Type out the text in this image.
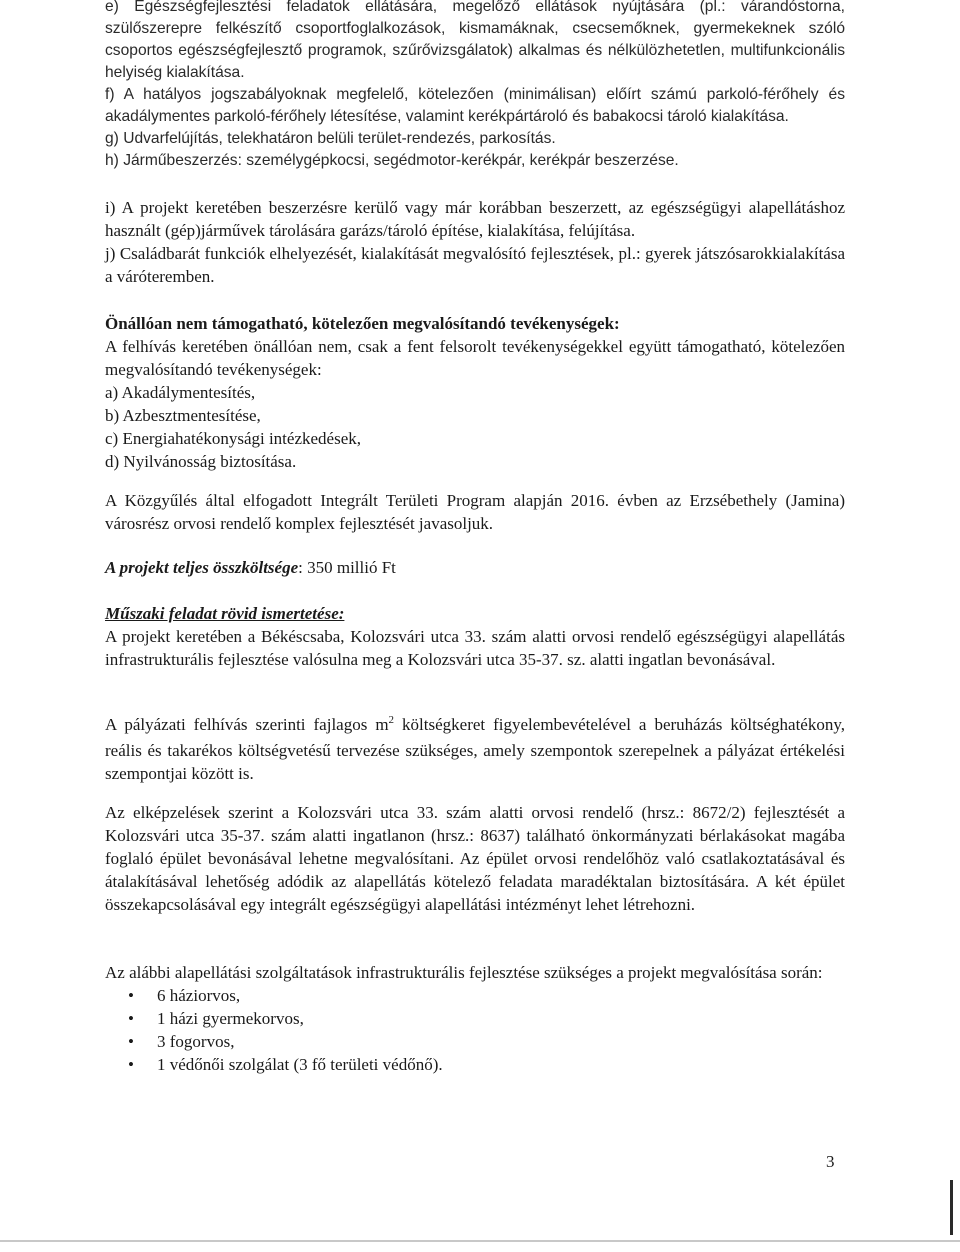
e) Egészségfejlesztési feladatok ellátására, megelőző ellátások nyújtására (pl.: várandóstorna, szülőszerepre felkészítő csoportfoglalkozások, kismamáknak, csecsemőknek, gyermekeknek szóló csoportos egészségfejlesztő programok, szűrővizsgálatok) alkalmas és nélkülözhetetlen, multifunkcionális helyiség kialakítása.

f) A hatályos jogszabályoknak megfelelő, kötelezően (minimálisan) előírt számú parkoló-férőhely és akadálymentes parkoló-férőhely létesítése, valamint kerékpártároló és babakocsi tároló kialakítása.

g) Udvarfelújítás, telekhatáron belüli terület-rendezés, parkosítás.

h) Járműbeszerzés: személygépkocsi, segédmotor-kerékpár, kerékpár beszerzése.

i) A projekt keretében beszerzésre kerülő vagy már korábban beszerzett, az egészségügyi alapellátáshoz használt (gép)járművek tárolására garázs/tároló építése, kialakítása, felújítása.

j) Családbarát funkciók elhelyezését, kialakítását megvalósító fejlesztések, pl.: gyerek játszósarokkialakítása a váróteremben.

Önállóan nem támogatható, kötelezően megvalósítandó tevékenységek:

A felhívás keretében önállóan nem, csak a fent felsorolt tevékenységekkel együtt támogatható, kötelezően megvalósítandó tevékenységek:

a) Akadálymentesítés,

b) Azbesztmentesítése,

c) Energiahatékonysági intézkedések,

d) Nyilvánosság biztosítása.

A Közgyűlés által elfogadott Integrált Területi Program alapján 2016. évben az Erzsébethely (Jamina) városrész orvosi rendelő komplex fejlesztését javasoljuk.

A projekt teljes összköltsége: 350 millió Ft

Műszaki feladat rövid ismertetése:

A projekt keretében a Békéscsaba, Kolozsvári utca 33. szám alatti orvosi rendelő egészségügyi alapellátás infrastrukturális fejlesztése valósulna meg a Kolozsvári utca 35-37. sz. alatti ingatlan bevonásával.

A pályázati felhívás szerinti fajlagos $m^2$ költségkeret figyelembevételével a beruházás költséghatékony, reális és takarékos költségvetésű tervezése szükséges, amely szempontok szerepelnek a pályázat értékelési szempontjai között is.

Az elképzelések szerint a Kolozsvári utca 33. szám alatti orvosi rendelő (hrsz.: 8672/2) fejlesztését a Kolozsvári utca 35-37. szám alatti ingatlanon (hrsz.: 8637) található önkormányzati bérlakásokat magába foglaló épület bevonásával lehetne megvalósítani. Az épület orvosi rendelőhöz való csatlakoztatásával és átalakításával lehetőség adódik az alapellátás kötelező feladata maradéktalan biztosítására. A két épület összekapcsolásával egy integrált egészségügyi alapellátási intézményt lehet létrehozni.

Az alábbi alapellátási szolgáltatások infrastrukturális fejlesztése szükséges a projekt megvalósítása során:

• 6 háziorvos,
• 1 házi gyermekorvos,
• 3 fogorvos,
• 1 védőnői szolgálat (3 fő területi védőnő).
3
